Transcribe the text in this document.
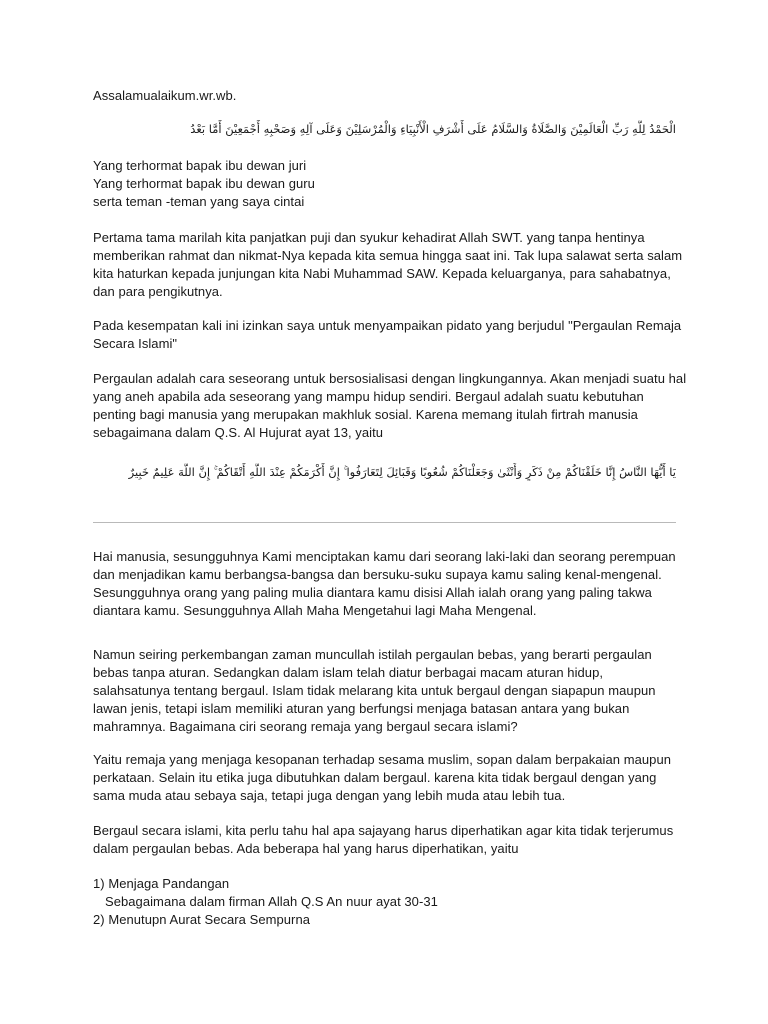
Assalamualaikum.wr.wb.
الْحَمْدُ لِلَّهِ رَبِّ الْعَالَمِيْنَ وَالصَّلَاةُ وَالسَّلَامُ عَلَى أَشْرَفِ الْأَنْبِيَاءِ وَالْمُرْسَلِيْنَ وَعَلَى آلِهِ وَصَحْبِهِ أَجْمَعِيْنَ أَمَّا بَعْدُ
Yang terhormat bapak ibu dewan juri
Yang terhormat bapak ibu dewan guru
serta teman -teman yang saya cintai
Pertama tama marilah kita panjatkan puji dan syukur kehadirat Allah SWT. yang tanpa hentinya
memberikan rahmat dan nikmat-Nya kepada kita semua hingga saat ini. Tak lupa salawat serta salam
kita haturkan kepada junjungan kita Nabi Muhammad SAW. Kepada keluarganya, para sahabatnya,
dan para pengikutnya.
Pada kesempatan kali ini izinkan saya untuk menyampaikan pidato yang berjudul "Pergaulan Remaja
Secara Islami"
Pergaulan adalah cara seseorang untuk bersosialisasi dengan lingkungannya. Akan menjadi suatu hal
yang aneh apabila ada seseorang yang mampu hidup sendiri. Bergaul adalah suatu kebutuhan
penting bagi manusia yang merupakan makhluk sosial. Karena memang itulah firtrah manusia
sebagaimana dalam Q.S. Al Hujurat ayat 13, yaitu
يَا أَيُّهَا النَّاسُ إِنَّا خَلَقْنَاكُمْ مِنْ ذَكَرٍ وَأُنْثَىٰ وَجَعَلْنَاكُمْ شُعُوبًا وَقَبَائِلَ لِتَعَارَفُوا ۚ إِنَّ أَكْرَمَكُمْ عِنْدَ اللَّهِ أَتْقَاكُمْ ۚ إِنَّ اللَّهَ عَلِيمٌ خَبِيرٌ
Hai manusia, sesungguhnya Kami menciptakan kamu dari seorang laki-laki dan seorang perempuan
dan menjadikan kamu berbangsa-bangsa dan bersuku-suku supaya kamu saling kenal-mengenal.
Sesungguhnya orang yang paling mulia diantara kamu disisi Allah ialah orang yang paling takwa
diantara kamu. Sesungguhnya Allah Maha Mengetahui lagi Maha Mengenal.
Namun seiring perkembangan zaman muncullah istilah pergaulan bebas, yang berarti pergaulan
bebas tanpa aturan. Sedangkan dalam islam telah diatur berbagai macam aturan hidup,
salahsatunya tentang bergaul. Islam tidak melarang kita untuk bergaul dengan siapapun maupun
lawan jenis, tetapi islam memiliki aturan yang berfungsi menjaga batasan antara yang bukan
mahramnya. Bagaimana ciri seorang remaja yang bergaul secara islami?
Yaitu remaja yang menjaga kesopanan terhadap sesama muslim, sopan dalam berpakaian maupun
perkataan. Selain itu etika juga dibutuhkan dalam bergaul. karena kita tidak bergaul dengan yang
sama muda atau sebaya saja, tetapi juga dengan yang lebih muda atau lebih tua.
Bergaul secara islami, kita perlu tahu hal apa sajayang harus diperhatikan agar kita tidak terjerumus
dalam pergaulan bebas. Ada beberapa hal yang harus diperhatikan, yaitu
1) Menjaga Pandangan
Sebagaimana dalam firman Allah Q.S An nuur ayat 30-31
2) Menutupn Aurat Secara Sempurna
